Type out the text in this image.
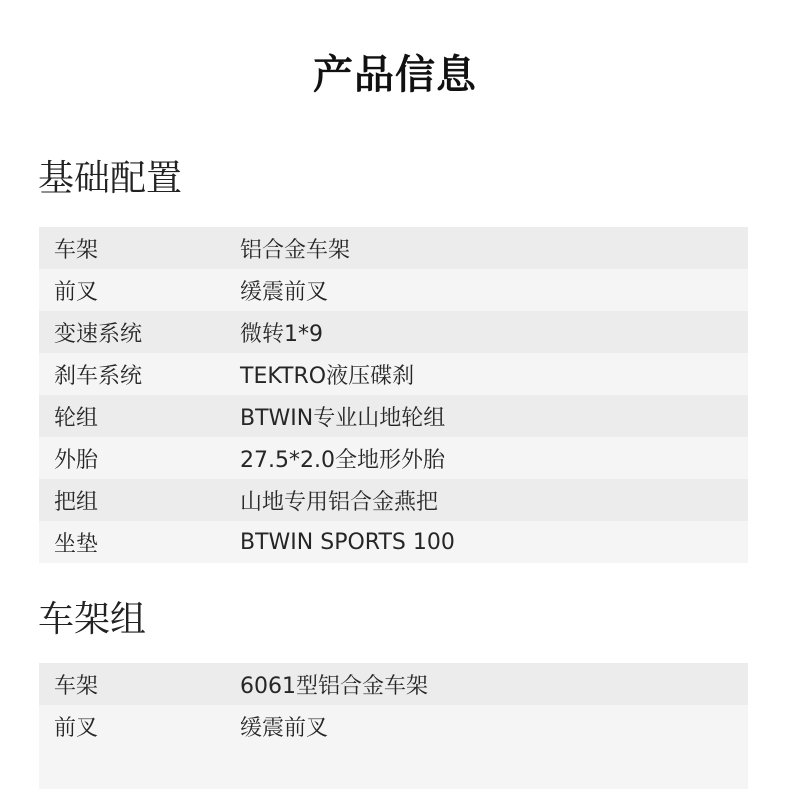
产品信息
基础配置
车架	铝合金车架
前叉	缓震前叉
变速系统	微转1*9
刹车系统	TEKTRO液压碟刹
轮组	BTWIN专业山地轮组
外胎	27.5*2.0全地形外胎
把组	山地专用铝合金燕把
坐垫	BTWIN SPORTS 100
车架组
车架	6061型铝合金车架
前叉	缓震前叉
